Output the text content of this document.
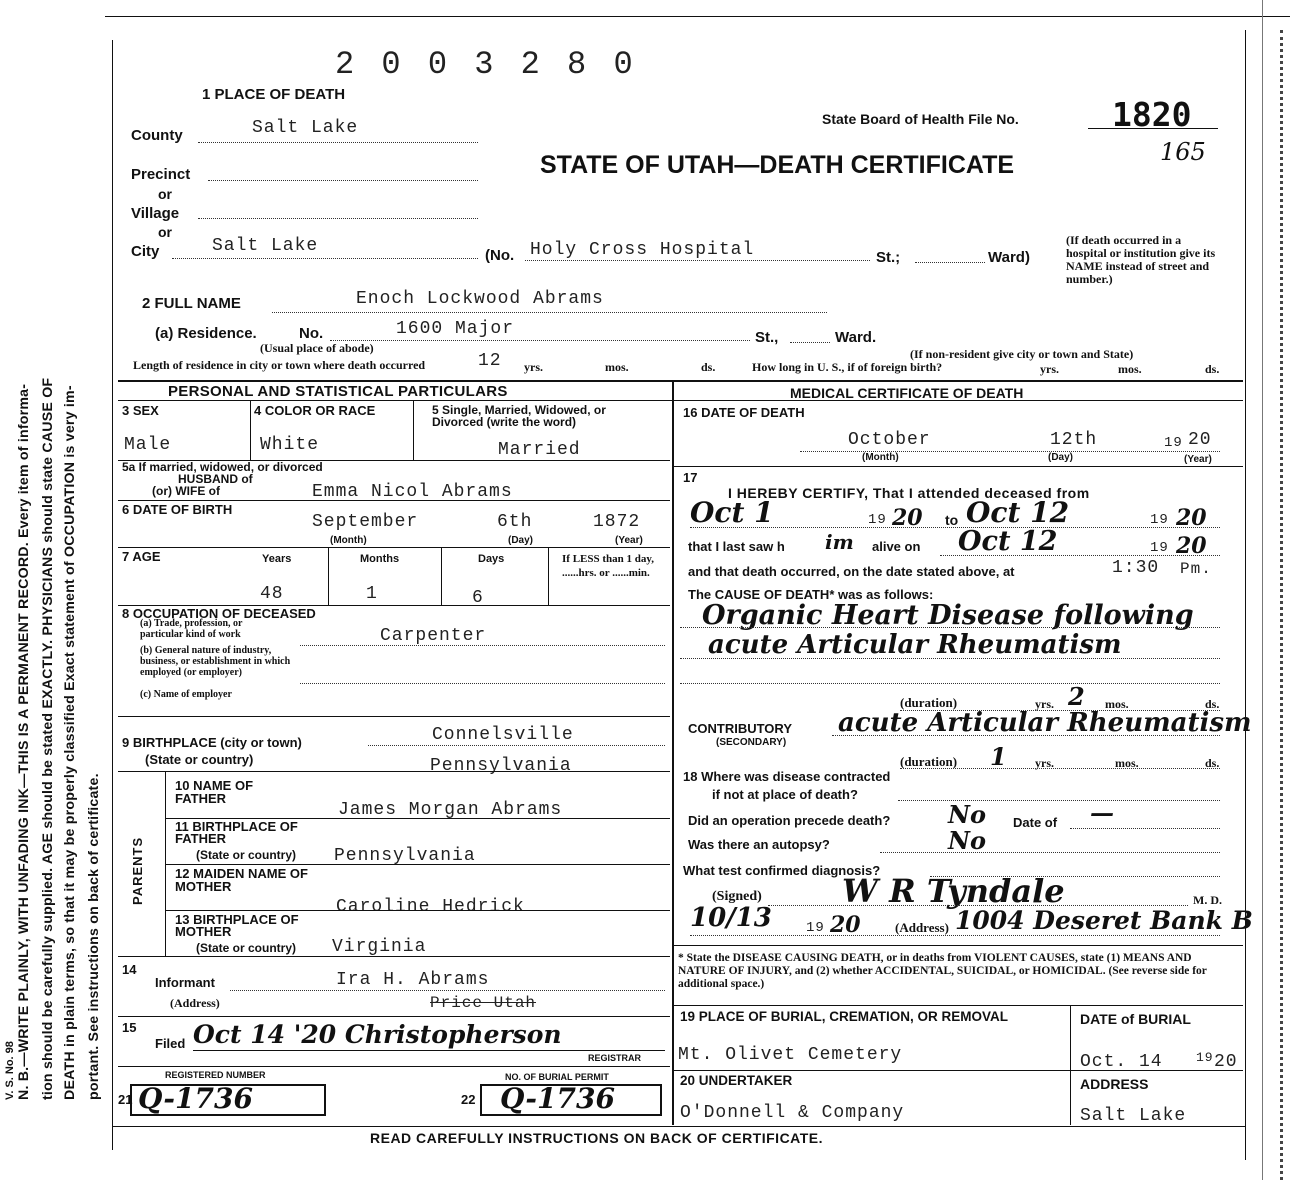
V. S. No. 98 N. B.—WRITE PLAINLY, WITH UNFADING INK—THIS IS A PERMANENT RECORD. Every item of informa- tion should be carefully supplied. AGE should be stated EXACTLY. PHYSICIANS should state CAUSE OF DEATH in plain terms, so that it may be properly classified Exact statement of OCCUPATION is very im- portant. See instructions on back of certificate.
2 0 0 3 2 8 0
1 PLACE OF DEATH
State Board of Health File No.	1820
165
STATE OF UTAH—DEATH CERTIFICATE
County	Salt Lake
Precinct
or
Village
or
City	Salt Lake	(No. Holy Cross Hospital	St.;	Ward)
(If death occurred in a hospital or institution give its NAME instead of street and number.)
2 FULL NAME	Enoch Lockwood Abrams
(a) Residence.	No.	1600 Major	St.,	Ward.
(Usual place of abode)	(If non-resident give city or town and State)
Length of residence in city or town where death occurred	12 yrs.	mos.	ds.	How long in U. S., if of foreign birth?	yrs.	mos.	ds.
PERSONAL AND STATISTICAL PARTICULARS	MEDICAL CERTIFICATE OF DEATH
3 SEX	4 COLOR OR RACE	5 Single, Married, Widowed, or Divorced (write the word)
Male	White	Married
5a If married, widowed, or divorced
HUSBAND of
(or) WIFE of	Emma Nicol Abrams
6 DATE OF BIRTH
September	6th	1872
(Month)	(Day)	(Year)
7 AGE	Years	Months	Days	If LESS than 1 day, ......hrs. or ......min.
48	1	6
8 OCCUPATION OF DECEASED
(a) Trade, profession, or particular kind of work	Carpenter
(b) General nature of industry, business, or establishment in which employed (or employer)
(c) Name of employer
9 BIRTHPLACE (city or town)	Connelsville
(State or country)	Pennsylvania
PARENTS
10 NAME OF FATHER
James Morgan Abrams
11 BIRTHPLACE OF FATHER
(State or country) Pennsylvania
12 MAIDEN NAME OF MOTHER
Caroline Hedrick
13 BIRTHPLACE OF MOTHER
(State or country) Virginia
14
Informant	Ira H. Abrams
(Address)	Price Utah
15
Filed Oct 14 '20 Christopherson
REGISTRAR
REGISTERED NUMBER	NO. OF BURIAL PERMIT
21 Q-1736	22 Q-1736
16 DATE OF DEATH
October	12th	19 20
(Month)	(Day)	(Year)
17
I HEREBY CERTIFY, That I attended deceased from
Oct 1	19 20 to Oct 12	19 20
that I last saw h im alive on Oct 12	19 20
and that death occurred, on the date stated above, at	1:30 Pm.
The CAUSE OF DEATH* was as follows:
Organic Heart Disease following
acute Articular Rheumatism
(duration)	2
yrs.	mos.	ds.
CONTRIBUTORY
(SECONDARY)
acute Articular Rheumatism
(duration) 1 yrs.	mos.	ds.
18 Where was disease contracted
if not at place of death?
Did an operation precede death? No Date of —
Was there an autopsy?	No
What test confirmed diagnosis?
(Signed)	W R Tyndale	M. D.
10/13 19 20	(Address) 1004 Deseret Bank B
* State the DISEASE CAUSING DEATH, or in deaths from VIOLENT CAUSES, state (1) MEANS AND NATURE OF INJURY, and (2) whether ACCIDENTAL, SUICIDAL, or HOMICIDAL. (See reverse side for additional space.)
19 PLACE OF BURIAL, CREMATION, OR REMOVAL
Mt. Olivet Cemetery
DATE of BURIAL
Oct. 14	19 20
20 UNDERTAKER
O'Donnell & Company
ADDRESS
Salt Lake
READ CAREFULLY INSTRUCTIONS ON BACK OF CERTIFICATE.
